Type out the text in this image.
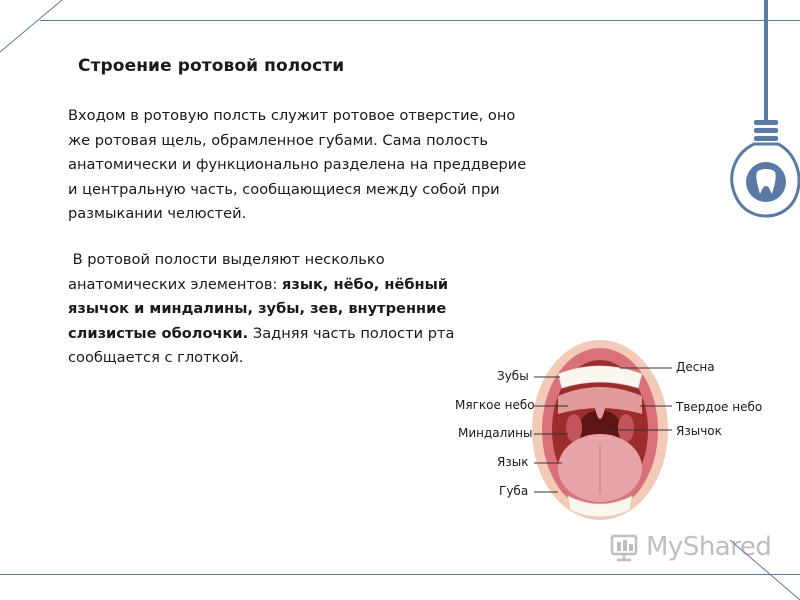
Строение ротовой полости
Входом в ротовую полсть служит ротовое отверстие, оно же ротовая щель, обрамленное губами. Сама полость анатомически и функционально разделена на преддверие и центральную часть, сообщающиеся между собой при размыкании челюстей.
В ротовой полости выделяют несколько анатомических элементов: язык, нёбо, нёбный язычок и миндалины, зубы, зев, внутренние слизистые оболочки. Задняя часть полости рта сообщается с глоткой.
Зубы
Мягкое небо
Миндалины
Язык
Губа
Десна
Твердое небо
Язычок
MyShared
